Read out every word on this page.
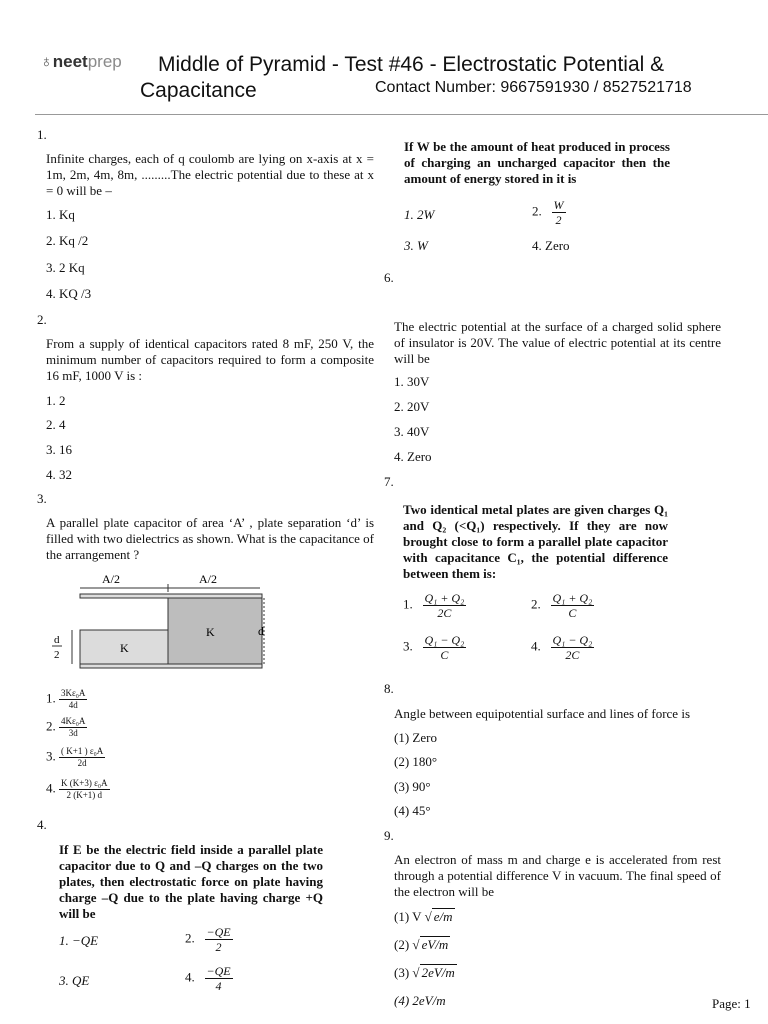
♁neetprep Middle of Pyramid - Test #46 - Electrostatic Potential &
Capacitance	Contact Number: 9667591930 / 8527521718
1.
Infinite charges, each of q coulomb are lying on x-axis at x = 1m, 2m, 4m, 8m, .........The electric potential due to these at x = 0 will be –
1. Kq
2. Kq /2
3. 2 Kq
4. KQ /3
2.
From a supply of identical capacitors rated 8 mF, 250 V, the minimum number of capacitors required to form a composite 16 mF, 1000 V is :
1. 2
2. 4
3. 16
4. 32
3.
A parallel plate capacitor of area ‘A’ , plate separation ‘d’ is filled with two dielectrics as shown. What is the capacitance of the arrangement ?
A/2	A/2
K
K
d
d
2
1. $\frac{\text{3Kε₀A}}{4d}$
2. $\frac{\text{4Kε₀A}}{3d}$
3. $\frac{\text{( K+1 ) ε₀A}}{2d}$
4. $\frac{\text{K (K+3) ε₀A}}{2 (K+1) d}$
4.
If E be the electric field inside a parallel plate capacitor due to Q and –Q charges on the two plates, then electrostatic force on plate having charge –Q due to the plate having charge +Q will be
1. −QE	2. $\frac{-QE}{2}$
3. QE	4. $\frac{-QE}{4}$
If W be the amount of heat produced in process of charging an uncharged capacitor then the amount of energy stored in it is
1. 2W	2. $\frac{W}{2}$
3. W	4. Zero
6.
The electric potential at the surface of a charged solid sphere of insulator is 20V. The value of electric potential at its centre will be
1. 30V
2. 20V
3. 40V
4. Zero
7.
Two identical metal plates are given charges Q₁ and Q₂ (<Q₁) respectively. If they are now brought close to form a parallel plate capacitor with capacitance C₁, the potential difference between them is:
1. $\frac{\text{Q₁ + Q₂}}{2C}$	2. $\frac{\text{Q₁ + Q₂}}{C}$
3. $\frac{\text{Q₁ − Q₂}}{C}$	4. $\frac{\text{Q₁ − Q₂}}{2C}$
8.
Angle between equipotential surface and lines of force is
(1) Zero
(2) 180°
(3) 90°
(4) 45°
9.
An electron of mass m and charge e is accelerated from rest through a potential difference V in vacuum. The final speed of the electron will be
(1) V √ e/m
(2) √ eV/m
(3) √ 2eV/m
(4) 2eV/m	Page: 1
